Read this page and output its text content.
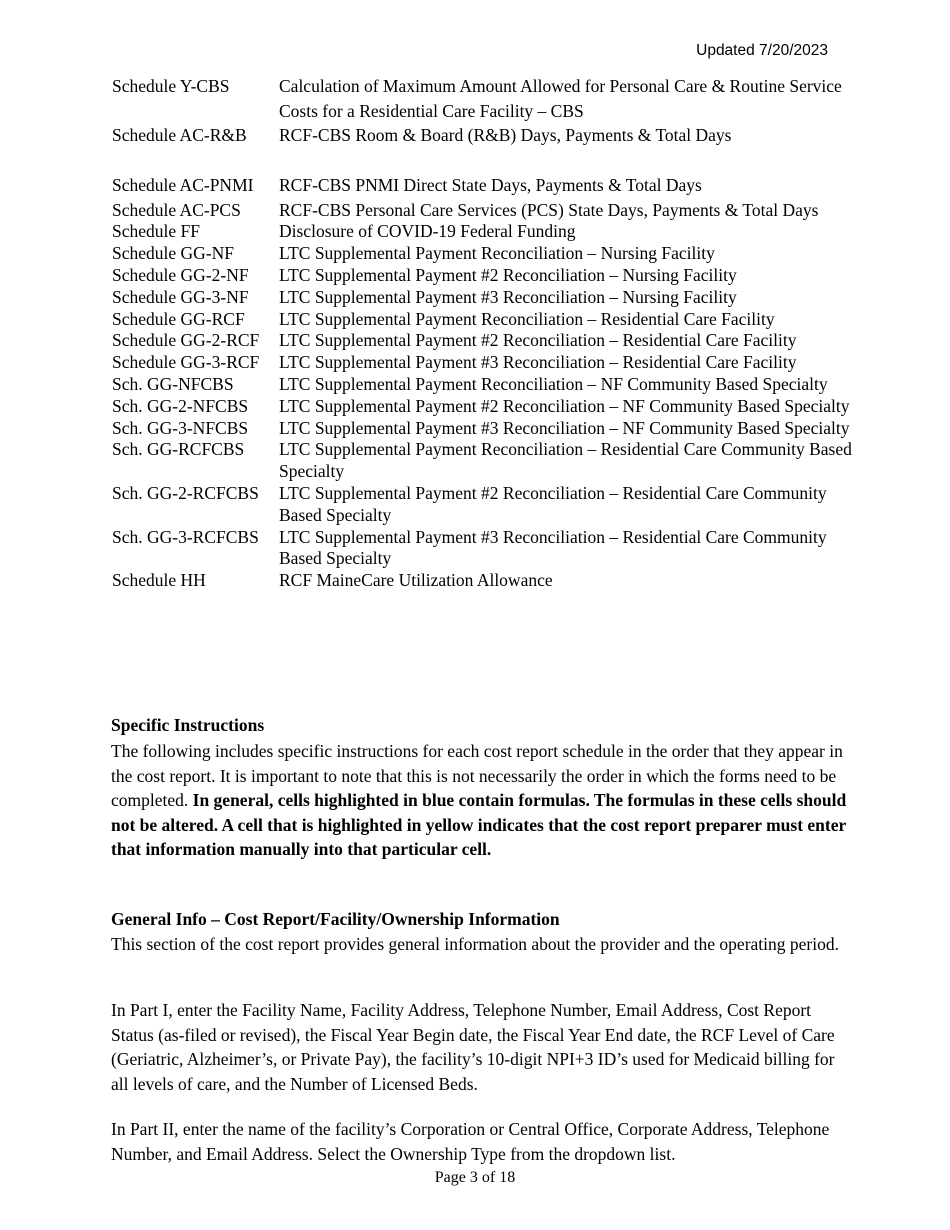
Updated 7/20/2023
Schedule Y-CBS	Calculation of Maximum Amount Allowed for Personal Care & Routine Service Costs for a Residential Care Facility – CBS
Schedule AC-R&B	RCF-CBS Room & Board (R&B) Days, Payments & Total Days
Schedule AC-PNMI	RCF-CBS PNMI Direct State Days, Payments & Total Days
Schedule AC-PCS	RCF-CBS Personal Care Services (PCS) State Days, Payments & Total Days
Schedule FF	Disclosure of COVID-19 Federal Funding
Schedule GG-NF	LTC Supplemental Payment Reconciliation – Nursing Facility
Schedule GG-2-NF	LTC Supplemental Payment #2 Reconciliation – Nursing Facility
Schedule GG-3-NF	LTC Supplemental Payment #3 Reconciliation – Nursing Facility
Schedule GG-RCF	LTC Supplemental Payment Reconciliation – Residential Care Facility
Schedule GG-2-RCF	LTC Supplemental Payment #2 Reconciliation – Residential Care Facility
Schedule GG-3-RCF	LTC Supplemental Payment #3 Reconciliation – Residential Care Facility
Sch. GG-NFCBS	LTC Supplemental Payment Reconciliation – NF Community Based Specialty
Sch. GG-2-NFCBS	LTC Supplemental Payment #2 Reconciliation – NF Community Based Specialty
Sch. GG-3-NFCBS	LTC Supplemental Payment #3 Reconciliation – NF Community Based Specialty
Sch. GG-RCFCBS	LTC Supplemental Payment Reconciliation – Residential Care Community Based Specialty
Sch. GG-2-RCFCBS	LTC Supplemental Payment #2 Reconciliation – Residential Care Community Based Specialty
Sch. GG-3-RCFCBS	LTC Supplemental Payment #3 Reconciliation – Residential Care Community Based Specialty
Schedule HH	RCF MaineCare Utilization Allowance
Specific Instructions

The following includes specific instructions for each cost report schedule in the order that they appear in the cost report. It is important to note that this is not necessarily the order in which the forms need to be completed. In general, cells highlighted in blue contain formulas. The formulas in these cells should not be altered. A cell that is highlighted in yellow indicates that the cost report preparer must enter that information manually into that particular cell.

General Info – Cost Report/Facility/Ownership Information
This section of the cost report provides general information about the provider and the operating period.
In Part I, enter the Facility Name, Facility Address, Telephone Number, Email Address, Cost Report Status (as-filed or revised), the Fiscal Year Begin date, the Fiscal Year End date, the RCF Level of Care (Geriatric, Alzheimer’s, or Private Pay), the facility’s 10-digit NPI+3 ID’s used for Medicaid billing for all levels of care, and the Number of Licensed Beds.
In Part II, enter the name of the facility’s Corporation or Central Office, Corporate Address, Telephone Number, and Email Address. Select the Ownership Type from the dropdown list.
Page 3 of 18
